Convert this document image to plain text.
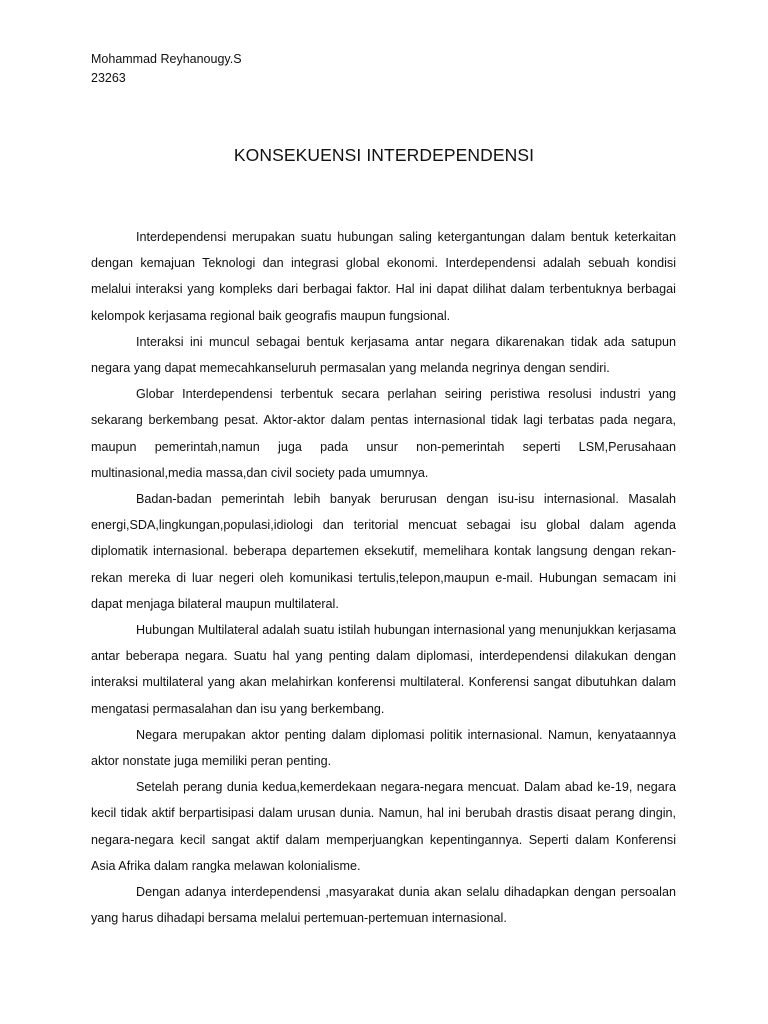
Mohammad Reyhanougy.S
23263
KONSEKUENSI INTERDEPENDENSI

Interdependensi merupakan suatu hubungan saling ketergantungan dalam bentuk keterkaitan dengan kemajuan Teknologi dan integrasi global ekonomi. Interdependensi adalah sebuah kondisi melalui interaksi yang kompleks dari berbagai faktor. Hal ini dapat dilihat dalam terbentuknya berbagai kelompok kerjasama regional baik geografis maupun fungsional.

Interaksi ini muncul sebagai bentuk kerjasama antar negara dikarenakan tidak ada satupun negara yang dapat memecahkanseluruh permasalan yang melanda negrinya dengan sendiri.

Globar Interdependensi terbentuk secara perlahan seiring peristiwa resolusi industri yang sekarang berkembang pesat. Aktor-aktor dalam pentas internasional tidak lagi terbatas pada negara, maupun pemerintah,namun juga pada unsur non-pemerintah seperti LSM,Perusahaan multinasional,media massa,dan civil society pada umumnya.

Badan-badan pemerintah lebih banyak berurusan dengan isu-isu internasional. Masalah energi,SDA,lingkungan,populasi,idiologi dan teritorial mencuat sebagai isu global dalam agenda diplomatik internasional. beberapa departemen eksekutif, memelihara kontak langsung dengan rekan-rekan mereka di luar negeri oleh komunikasi tertulis,telepon,maupun e-mail. Hubungan semacam ini dapat menjaga bilateral maupun multilateral.

Hubungan Multilateral adalah suatu istilah hubungan internasional yang menunjukkan kerjasama antar beberapa negara. Suatu hal yang penting dalam diplomasi, interdependensi dilakukan dengan interaksi multilateral yang akan melahirkan konferensi multilateral. Konferensi sangat dibutuhkan dalam mengatasi permasalahan dan isu yang berkembang.

Negara merupakan aktor penting dalam diplomasi politik internasional. Namun, kenyataannya aktor nonstate juga memiliki peran penting.

Setelah perang dunia kedua,kemerdekaan negara-negara mencuat. Dalam abad ke-19, negara kecil tidak aktif berpartisipasi dalam urusan dunia. Namun, hal ini berubah drastis disaat perang dingin, negara-negara kecil sangat aktif dalam memperjuangkan kepentingannya. Seperti dalam Konferensi Asia Afrika dalam rangka melawan kolonialisme.

Dengan adanya interdependensi ,masyarakat dunia akan selalu dihadapkan dengan persoalan yang harus dihadapi bersama melalui pertemuan-pertemuan internasional.
